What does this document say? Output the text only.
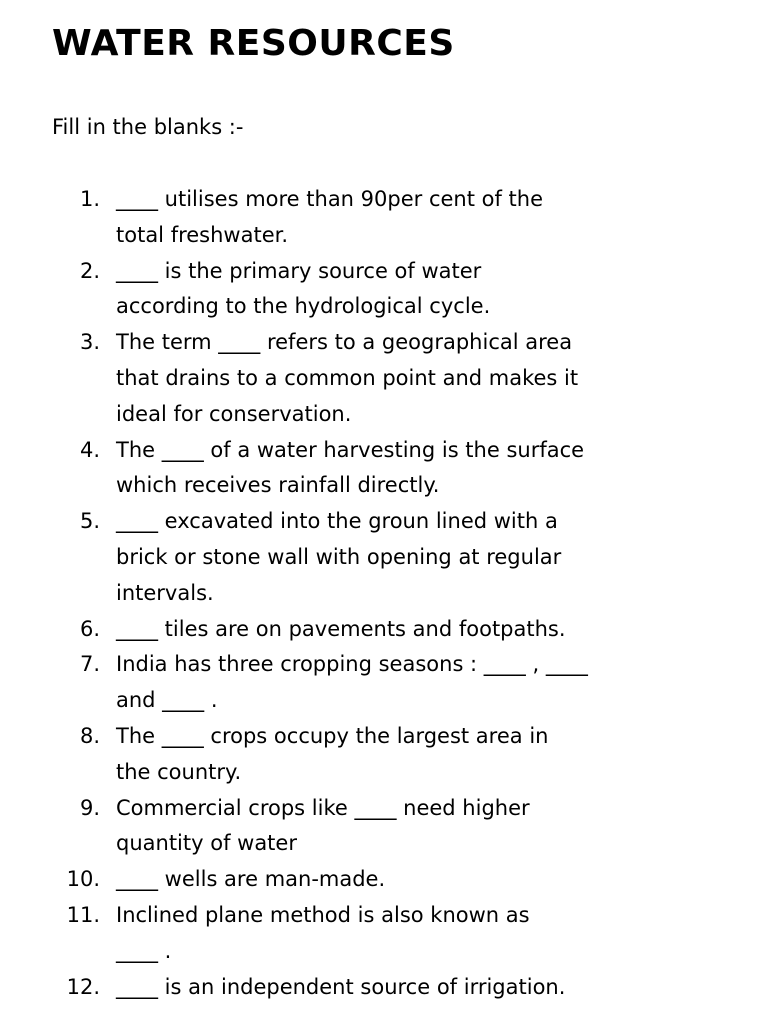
WATER RESOURCES

Fill in the blanks :-

1. ____ utilises more than 90per cent of the
total freshwater.
2. ____ is the primary source of water
according to the hydrological cycle.
3. The term ____ refers to a geographical area
that drains to a common point and makes it
ideal for conservation.
4. The ____ of a water harvesting is the surface
which receives rainfall directly.
5. ____ excavated into the groun lined with a
brick or stone wall with opening at regular
intervals.
6. ____ tiles are on pavements and footpaths.
7. India has three cropping seasons : ____ , ____
and ____ .
8. The ____ crops occupy the largest area in
the country.
9. Commercial crops like ____ need higher
quantity of water
10. ____ wells are man-made.
11. Inclined plane method is also known as
____ .
12. ____ is an independent source of irrigation.
